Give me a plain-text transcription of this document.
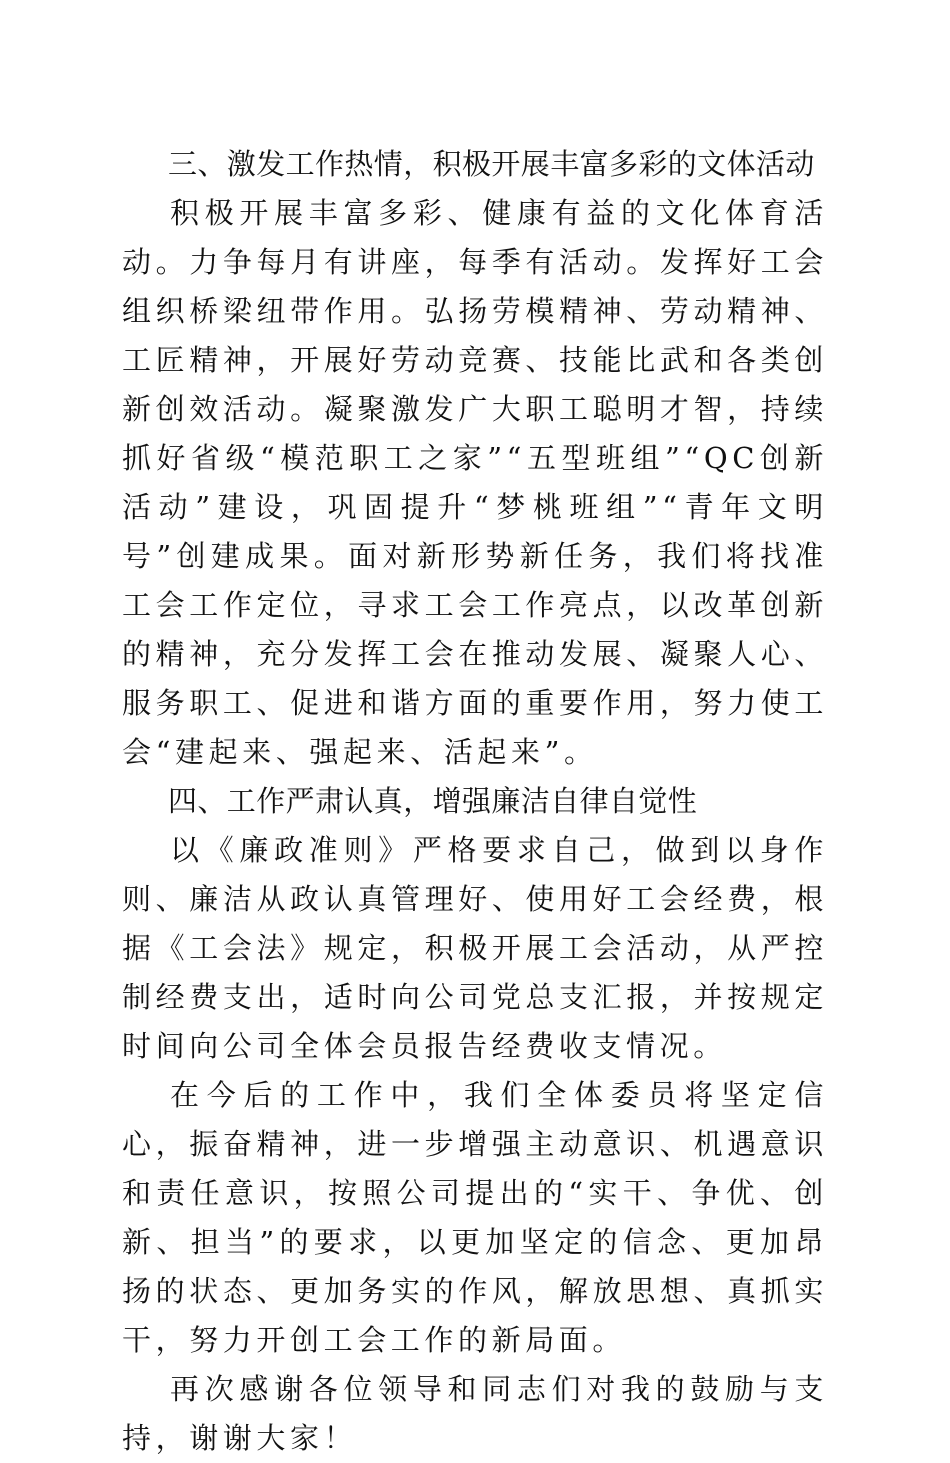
三、激发工作热情，积极开展丰富多彩的文体活动

积极开展丰富多彩、健康有益的文化体育活动。力争每月有讲座，每季有活动。发挥好工会组织桥梁纽带作用。弘扬劳模精神、劳动精神、工匠精神，开展好劳动竞赛、技能比武和各类创新创效活动。凝聚激发广大职工聪明才智，持续抓好省级“模范职工之家”“五型班组”“QC创新活动”建设，巩固提升“梦桃班组”“青年文明号”创建成果。面对新形势新任务，我们将找准工会工作定位，寻求工会工作亮点，以改革创新的精神，充分发挥工会在推动发展、凝聚人心、服务职工、促进和谐方面的重要作用，努力使工会“建起来、强起来、活起来”。

四、工作严肃认真，增强廉洁自律自觉性

以《廉政准则》严格要求自己，做到以身作则、廉洁从政认真管理好、使用好工会经费，根据《工会法》规定，积极开展工会活动，从严控制经费支出，适时向公司党总支汇报，并按规定时间向公司全体会员报告经费收支情况。

在今后的工作中，我们全体委员将坚定信心，振奋精神，进一步增强主动意识、机遇意识和责任意识，按照公司提出的“实干、争优、创新、担当”的要求，以更加坚定的信念、更加昂扬的状态、更加务实的作风，解放思想、真抓实干，努力开创工会工作的新局面。

再次感谢各位领导和同志们对我的鼓励与支持，谢谢大家！
